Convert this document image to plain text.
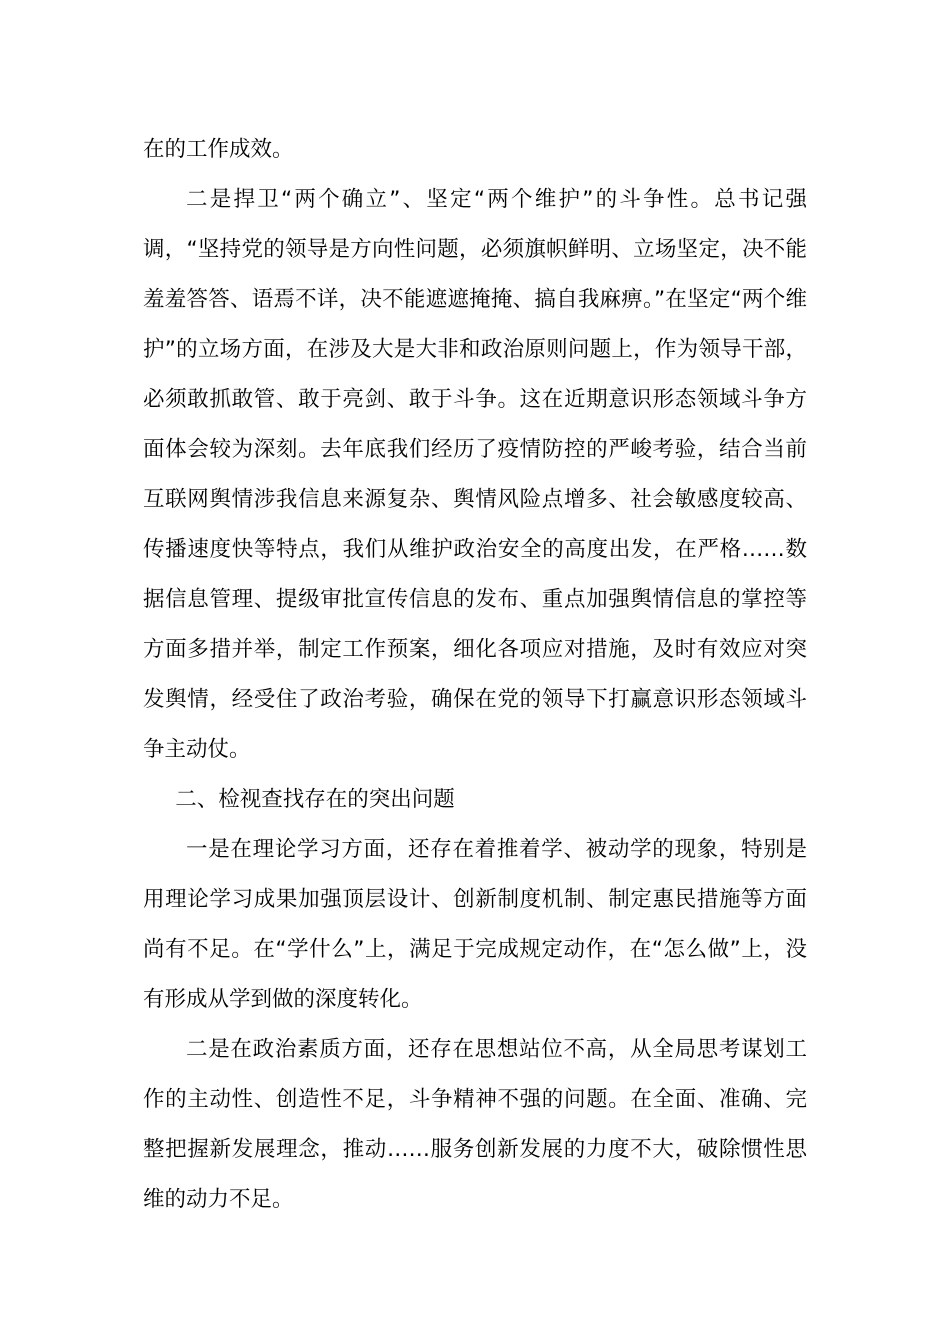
在的工作成效。

二是捍卫“两个确立”、坚定“两个维护”的斗争性。总书记强调，“坚持党的领导是方向性问题，必须旗帜鲜明、立场坚定，决不能羞羞答答、语焉不详，决不能遮遮掩掩、搞自我麻痹。”在坚定“两个维护”的立场方面，在涉及大是大非和政治原则问题上，作为领导干部，必须敢抓敢管、敢于亮剑、敢于斗争。这在近期意识形态领域斗争方面体会较为深刻。去年底我们经历了疫情防控的严峻考验，结合当前互联网舆情涉我信息来源复杂、舆情风险点增多、社会敏感度较高、传播速度快等特点，我们从维护政治安全的高度出发，在严格……数据信息管理、提级审批宣传信息的发布、重点加强舆情信息的掌控等方面多措并举，制定工作预案，细化各项应对措施，及时有效应对突发舆情，经受住了政治考验，确保在党的领导下打赢意识形态领域斗争主动仗。

二、检视查找存在的突出问题

一是在理论学习方面，还存在着推着学、被动学的现象，特别是用理论学习成果加强顶层设计、创新制度机制、制定惠民措施等方面尚有不足。在“学什么”上，满足于完成规定动作，在“怎么做”上，没有形成从学到做的深度转化。

二是在政治素质方面，还存在思想站位不高，从全局思考谋划工作的主动性、创造性不足，斗争精神不强的问题。在全面、准确、完整把握新发展理念，推动……服务创新发展的力度不大，破除惯性思维的动力不足。
